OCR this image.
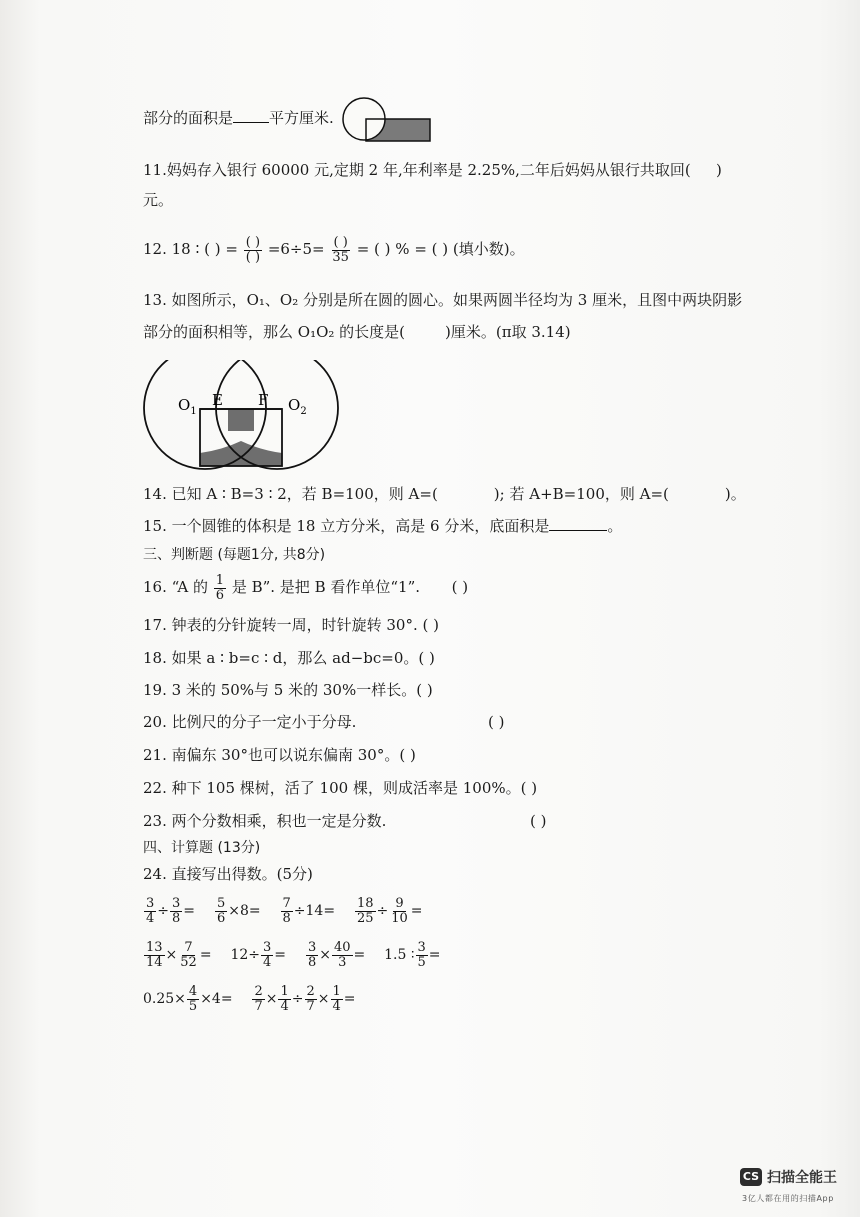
部分的面积是 平方厘米.
11.妈妈存入银行 60000 元,定期 2 年,年利率是 2.25%,二年后妈妈从银行共取回(	)
元。
12. 18 ∶ ( ) = $\frac{( )}{( )} =6\div 5= \frac{( )}{35}$ = ( ) % = ( ) (填小数)。
13. 如图所示，O₁、O₂ 分别是所在圆的圆心。如果两圆半径均为 3 厘米，且图中两块阴影
部分的面积相等，那么 O₁O₂ 的长度是(	)厘米。(π取 3.14)
$O_1$
E F $O_2$
14. 已知 A ∶ B=3 ∶ 2，若 B=100，则 A=(	); 若 A+B=100，则 A=(	)。
15. 一个圆锥的体积是 18 立方分米，高是 6 分米，底面积是	。
三、判断题 (每题1分, 共8分)
16. “A 的 $\frac{1}{6}$ 是 B”. 是把 B 看作单位“1”. ( )
17. 钟表的分针旋转一周，时针旋转 30°. ( )
18. 如果 a ∶ b=c ∶ d，那么 ad−bc=0。( )
19. 3 米的 50%与 5 米的 30%一样长。( )
20. 比例尺的分子一定小于分母.	( )
21. 南偏东 30°也可以说东偏南 30°。( )
22. 种下 105 棵树，活了 100 棵，则成活率是 100%。( )
23. 两个分数相乘，积也一定是分数.	( )
四、计算题 (13分)
24. 直接写出得数。(5分)
$\frac{3}{4} \div \frac{3}{8} = \frac{5}{6} \times 8= \frac{7}{8} \div 14= \frac{18}{25} \div \frac{9}{10}$ =
$\frac{13}{14} \times \frac{7}{52} = 12\div \frac{3}{4} = \frac{3}{8} \times \frac{40}{3} = 1.5$ ∶ $\frac{3}{5}$ =
$0.25\times \frac{4}{5} \times 4= \frac{2}{7} \times \frac{1}{4} \div \frac{2}{7} \times \frac{1}{4}$ =
CS 扫描全能王
3亿人都在用的扫描App
